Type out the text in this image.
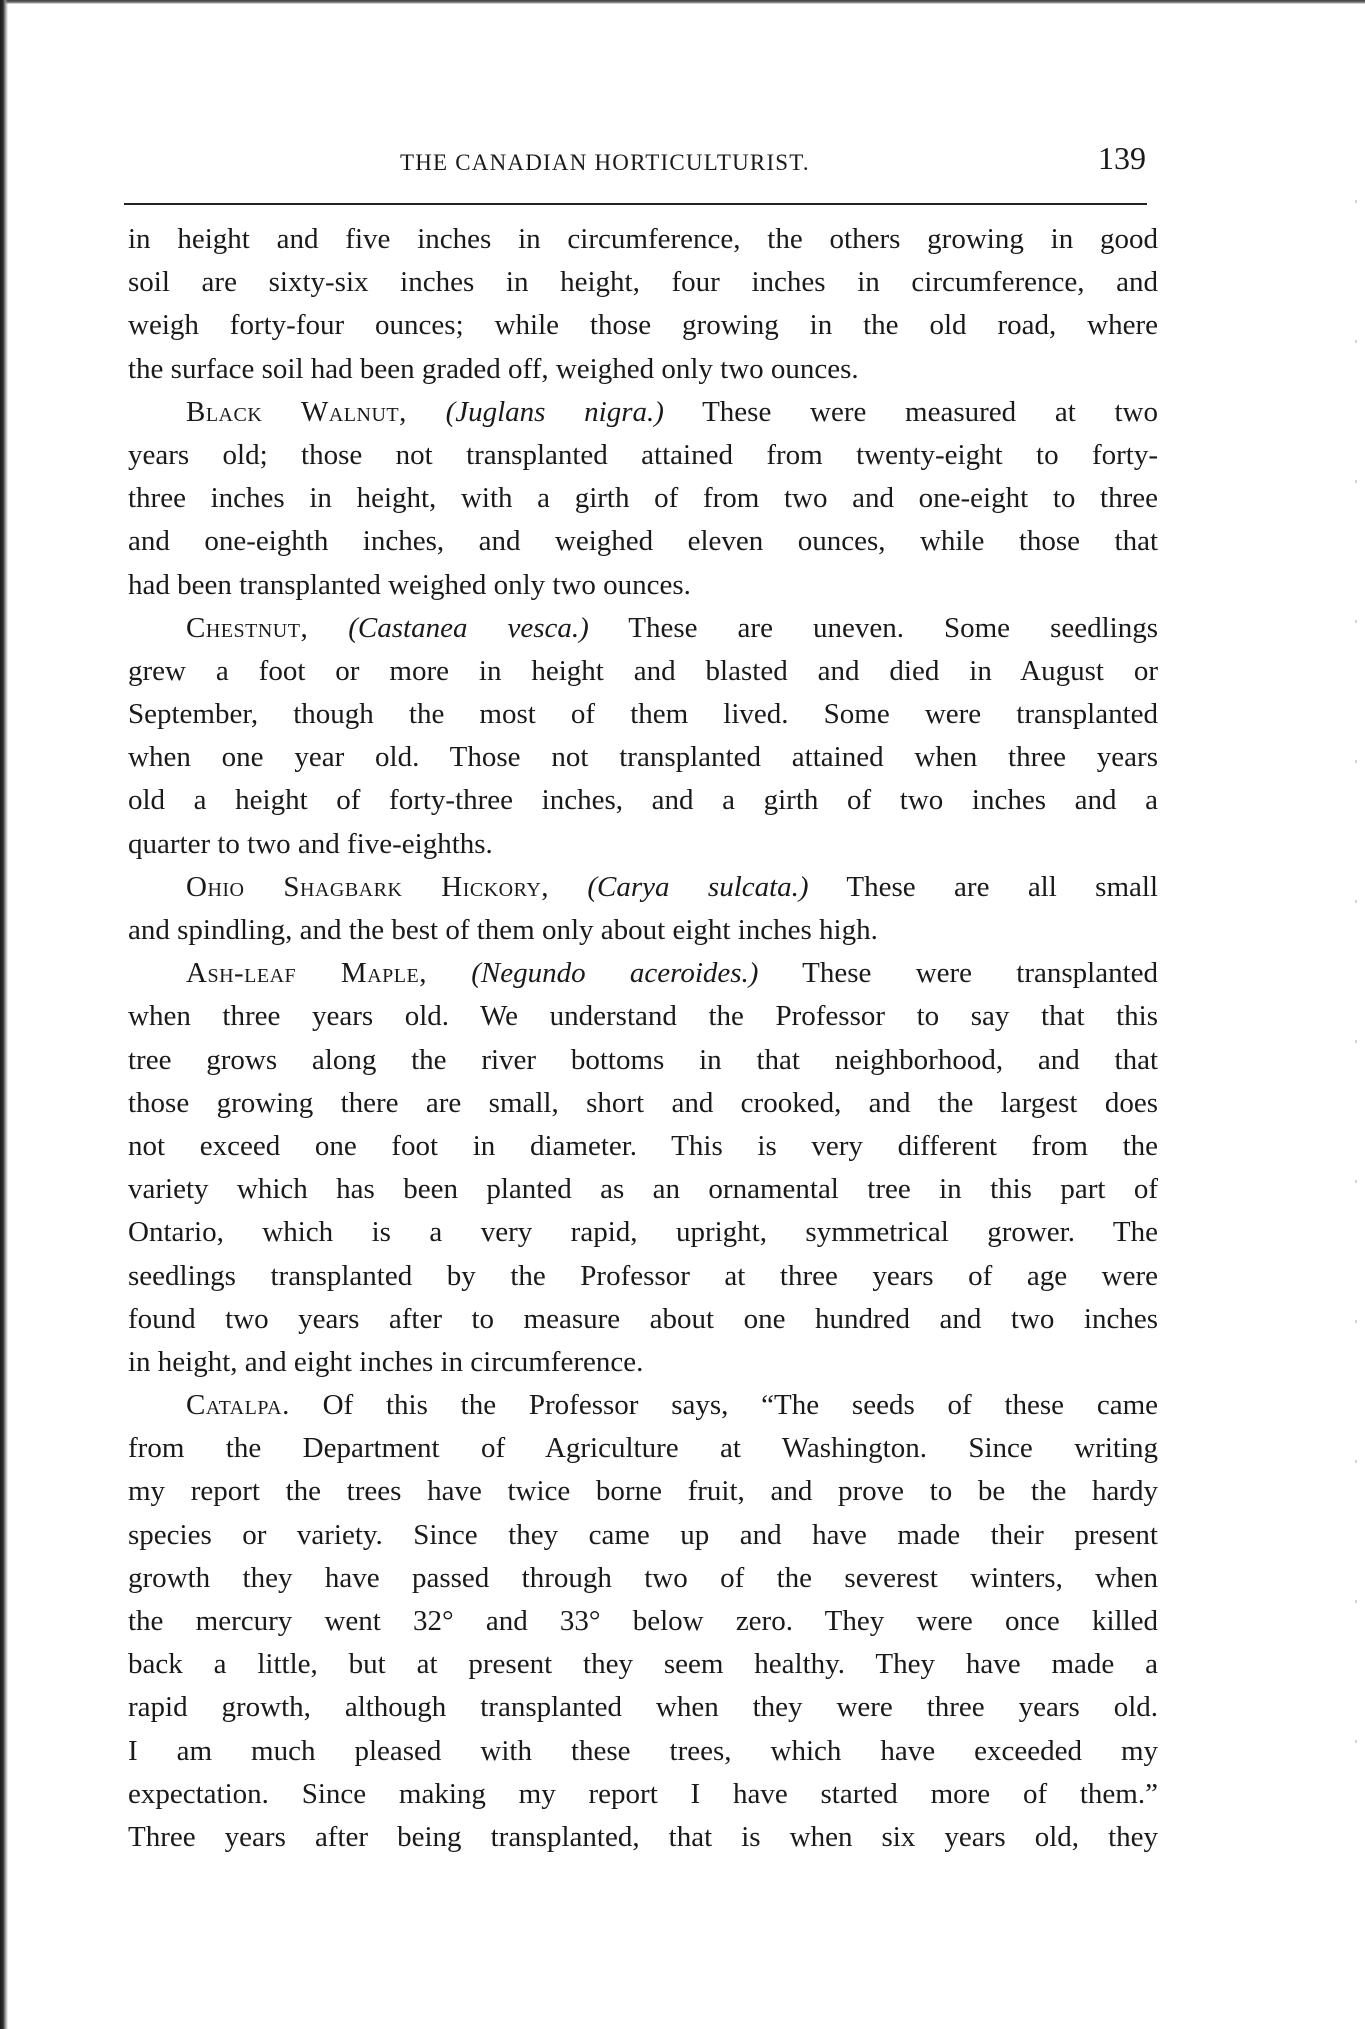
THE CANADIAN HORTICULTURIST.	139
in height and five inches in circumference, the others growing in good
soil are sixty-six inches in height, four inches in circumference, and
weigh forty-four ounces; while those growing in the old road, where
the surface soil had been graded off, weighed only two ounces.
Black Walnut, (Juglans nigra.) These were measured at two
years old; those not transplanted attained from twenty-eight to forty-
three inches in height, with a girth of from two and one-eight to three
and one-eighth inches, and weighed eleven ounces, while those that
had been transplanted weighed only two ounces.
Chestnut, (Castanea vesca.) These are uneven. Some seedlings
grew a foot or more in height and blasted and died in August or
September, though the most of them lived. Some were transplanted
when one year old. Those not transplanted attained when three years
old a height of forty-three inches, and a girth of two inches and a
quarter to two and five-eighths.
Ohio Shagbark Hickory, (Carya sulcata.) These are all small
and spindling, and the best of them only about eight inches high.
Ash-leaf Maple, (Negundo aceroides.) These were transplanted
when three years old. We understand the Professor to say that this
tree grows along the river bottoms in that neighborhood, and that
those growing there are small, short and crooked, and the largest does
not exceed one foot in diameter. This is very different from the
variety which has been planted as an ornamental tree in this part of
Ontario, which is a very rapid, upright, symmetrical grower. The
seedlings transplanted by the Professor at three years of age were
found two years after to measure about one hundred and two inches
in height, and eight inches in circumference.
Catalpa. Of this the Professor says, “The seeds of these came
from the Department of Agriculture at Washington. Since writing
my report the trees have twice borne fruit, and prove to be the hardy
species or variety. Since they came up and have made their present
growth they have passed through two of the severest winters, when
the mercury went 32° and 33° below zero. They were once killed
back a little, but at present they seem healthy. They have made a
rapid growth, although transplanted when they were three years old.
I am much pleased with these trees, which have exceeded my
expectation. Since making my report I have started more of them.”
Three years after being transplanted, that is when six years old, they
